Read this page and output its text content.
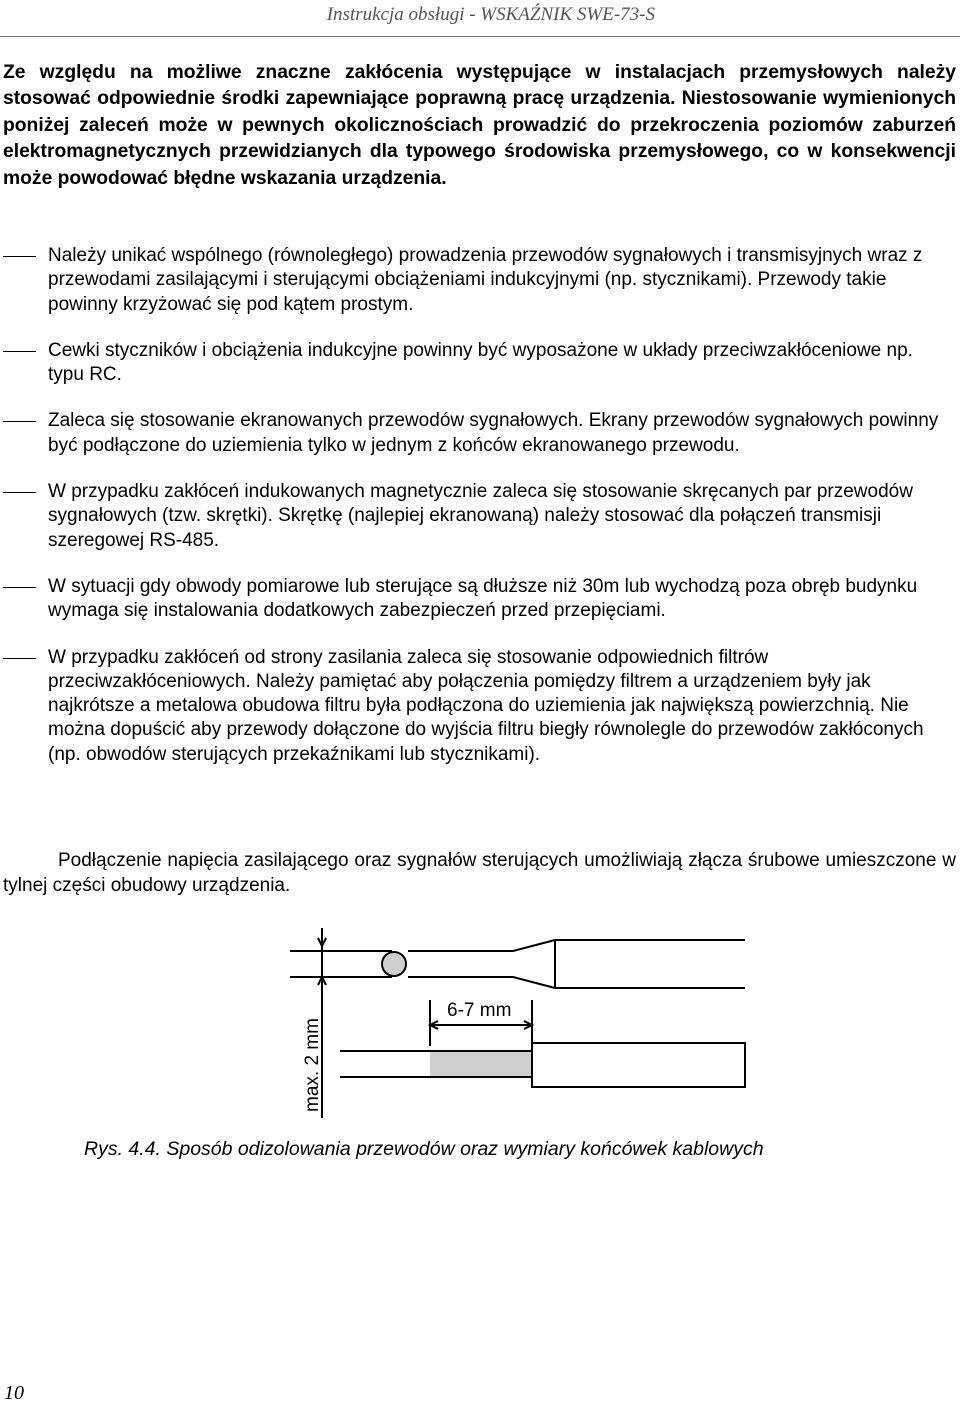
Instrukcja obsługi - WSKAŹNIK SWE-73-S

Ze względu na możliwe znaczne zakłócenia występujące w instalacjach przemysłowych należy stosować odpowiednie środki zapewniające poprawną pracę urządzenia. Niestosowanie wymienionych poniżej zaleceń może w pewnych okolicznościach prowadzić do przekroczenia poziomów zaburzeń elektromagnetycznych przewidzianych dla typowego środowiska przemysłowego, co w konsekwencji może powodować błędne wskazania urządzenia.

Należy unikać wspólnego (równoległego) prowadzenia przewodów sygnałowych i transmisyjnych wraz z przewodami zasilającymi i sterującymi obciążeniami indukcyjnymi (np. stycznikami). Przewody takie powinny krzyżować się pod kątem prostym.
Cewki styczników i obciążenia indukcyjne powinny być wyposażone w układy przeciwzakłóceniowe np. typu RC.
Zaleca się stosowanie ekranowanych przewodów sygnałowych. Ekrany przewodów sygnałowych powinny być podłączone do uziemienia tylko w jednym z końców ekranowanego przewodu.
W przypadku zakłóceń indukowanych magnetycznie zaleca się stosowanie skręcanych par przewodów sygnałowych (tzw. skrętki). Skrętkę (najlepiej ekranowaną) należy stosować dla połączeń transmisji szeregowej RS-485.
W sytuacji gdy obwody pomiarowe lub sterujące są dłuższe niż 30m lub wychodzą poza obręb budynku wymaga się instalowania dodatkowych zabezpieczeń przed przepięciami.
W przypadku zakłóceń od strony zasilania zaleca się stosowanie odpowiednich filtrów przeciwzakłóceniowych. Należy pamiętać aby połączenia pomiędzy filtrem a urządzeniem były jak najkrótsze a metalowa obudowa filtru była podłączona do uziemienia jak największą powierzchnią. Nie można dopuścić aby przewody dołączone do wyjścia filtru biegły równolegle do przewodów zakłóconych (np. obwodów sterujących przekaźnikami lub stycznikami).

Podłączenie napięcia zasilającego oraz sygnałów sterujących umożliwiają złącza śrubowe umieszczone w tylnej części obudowy urządzenia.

max. 2 mm
6-7 mm
Rys. 4.4. Sposób odizolowania przewodów oraz wymiary końcówek kablowych
10
